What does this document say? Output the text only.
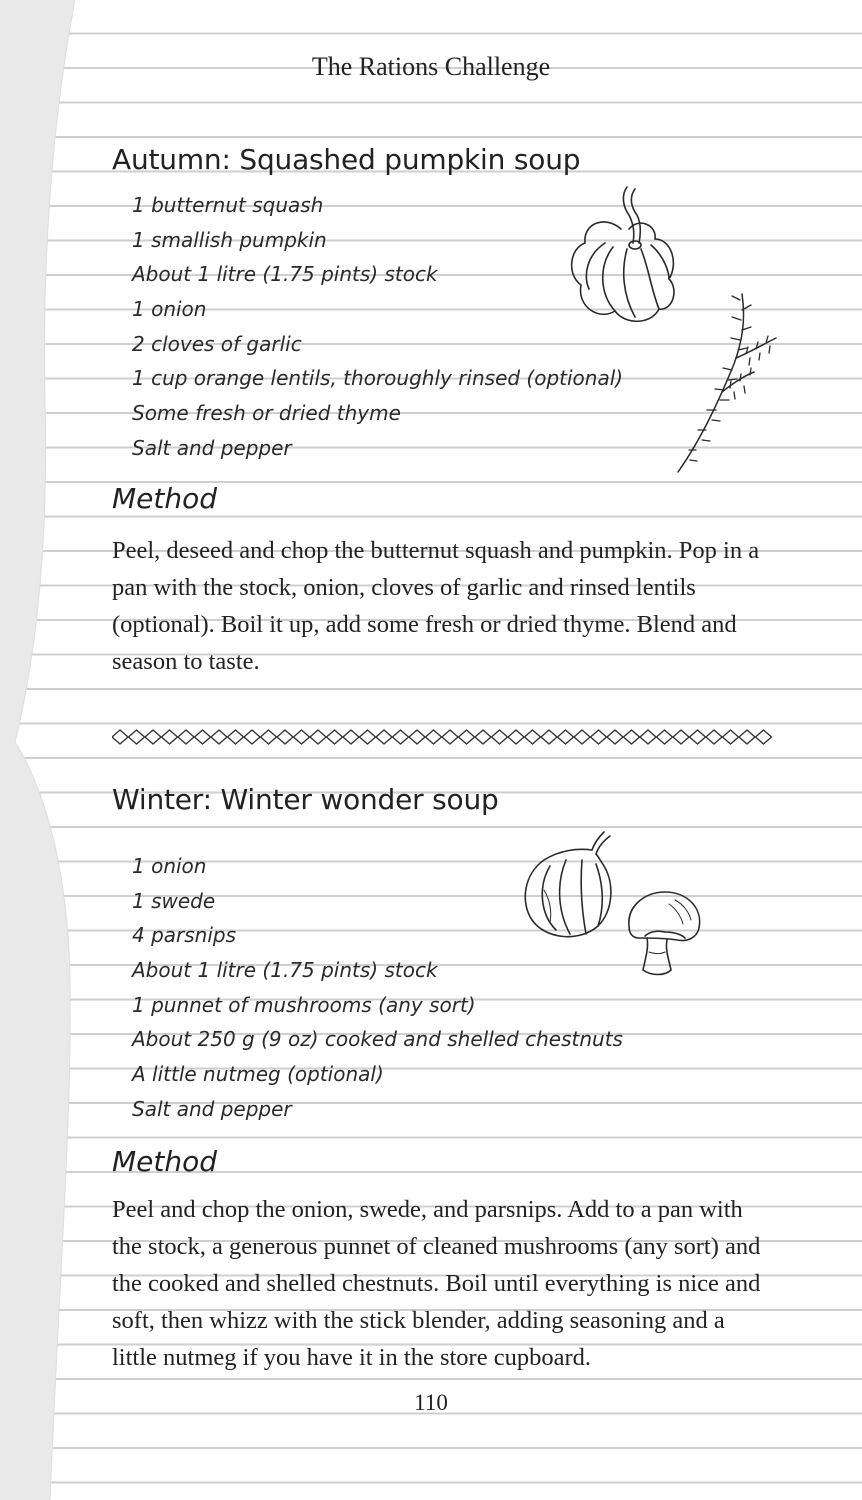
The Rations Challenge
Autumn: Squashed pumpkin soup
1 butternut squash
1 smallish pumpkin
About 1 litre (1.75 pints) stock
1 onion
2 cloves of garlic
1 cup orange lentils, thoroughly rinsed (optional)
Some fresh or dried thyme
Salt and pepper
Method

Peel, deseed and chop the butternut squash and pumpkin. Pop in a pan with the stock, onion, cloves of garlic and rinsed lentils (optional). Boil it up, add some fresh or dried thyme. Blend and season to taste.

Winter: Winter wonder soup
1 onion
1 swede
4 parsnips
About 1 litre (1.75 pints) stock
1 punnet of mushrooms (any sort)
About 250 g (9 oz) cooked and shelled chestnuts
A little nutmeg (optional)
Salt and pepper
Method

Peel and chop the onion, swede, and parsnips. Add to a pan with the stock, a generous punnet of cleaned mushrooms (any sort) and the cooked and shelled chestnuts. Boil until everything is nice and soft, then whizz with the stick blender, adding seasoning and a little nutmeg if you have it in the store cupboard.

110
